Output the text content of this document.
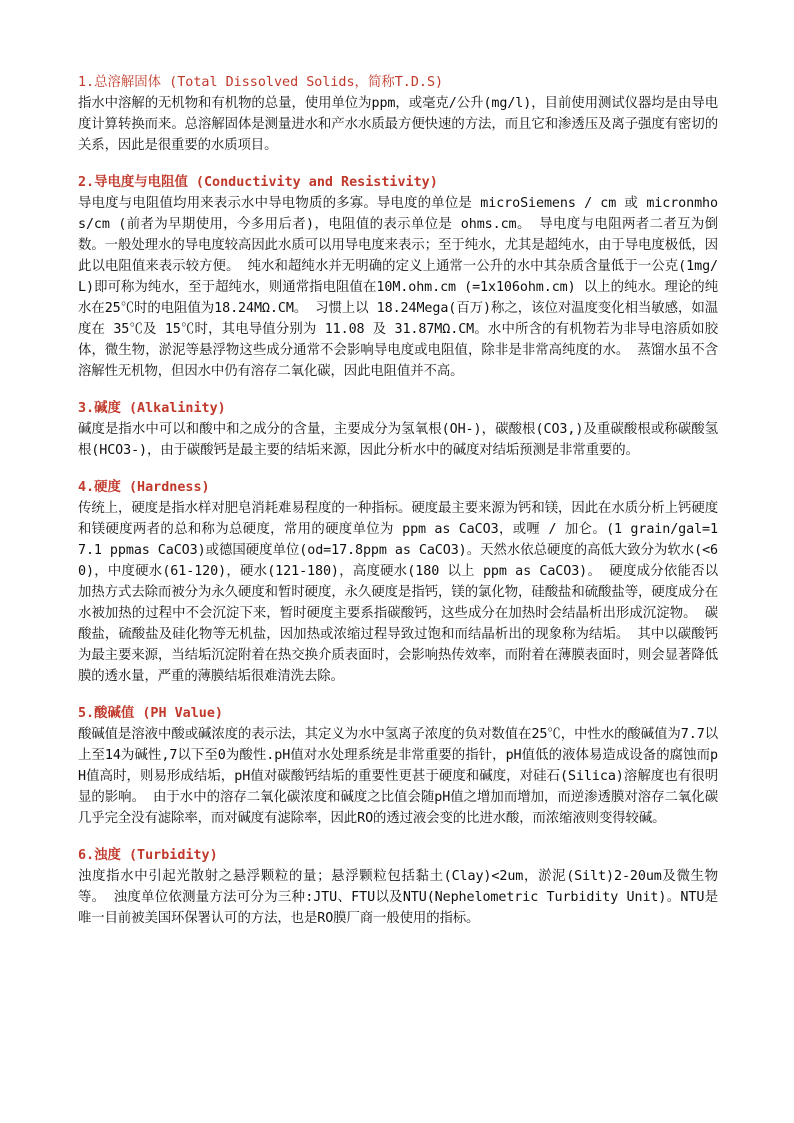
1.总溶解固体 (Total Dissolved Solids，简称T.D.S)
指水中溶解的无机物和有机物的总量，使用单位为ppm，或毫克/公升(mg/l)，目前使用测试仪器均是由导电度计算转换而来。总溶解固体是测量进水和产水水质最方便快速的方法，而且它和渗透压及离子强度有密切的关系，因此是很重要的水质项目。
2.导电度与电阻值 (Conductivity and Resistivity)
导电度与电阻值均用来表示水中导电物质的多寡。导电度的单位是 microSiemens / cm 或 micronmhos/cm (前者为早期使用，今多用后者)，电阻值的表示单位是 ohms.cm。 导电度与电阻两者二者互为倒数。一般处理水的导电度较高因此水质可以用导电度来表示；至于纯水，尤其是超纯水，由于导电度极低，因此以电阻值来表示较方便。 纯水和超纯水并无明确的定义上通常一公升的水中其杂质含量低于一公克(1mg/L)即可称为纯水，至于超纯水，则通常指电阻值在10M.ohm.cm (=1x106ohm.cm) 以上的纯水。理论的纯水在25℃时的电阻值为18.24MΩ.CM。 习惯上以 18.24Mega(百万)称之，该位对温度变化相当敏感，如温度在 35℃及 15℃时，其电导值分别为 11.08 及 31.87MΩ.CM。水中所含的有机物若为非导电溶质如胶体，微生物，淤泥等悬浮物这些成分通常不会影响导电度或电阻值，除非是非常高纯度的水。 蒸馏水虽不含溶解性无机物，但因水中仍有溶存二氧化碳，因此电阻值并不高。
3.碱度 (Alkalinity)
碱度是指水中可以和酸中和之成分的含量，主要成分为氢氧根(OH-)，碳酸根(CO3,)及重碳酸根或称碳酸氢根(HCO3-)，由于碳酸钙是最主要的结垢来源，因此分析水中的碱度对结垢预测是非常重要的。
4.硬度 (Hardness)
传统上，硬度是指水样对肥皂消耗难易程度的一种指标。硬度最主要来源为钙和镁，因此在水质分析上钙硬度和镁硬度两者的总和称为总硬度，常用的硬度单位为 ppm as CaCO3，或喱 / 加仑。(1 grain/gal=17.1 ppmas CaCO3)或德国硬度单位(od=17.8ppm as CaCO3)。天然水依总硬度的高低大致分为软水(<60)，中度硬水(61-120)，硬水(121-180)，高度硬水(180 以上 ppm as CaCO3)。 硬度成分依能否以加热方式去除而被分为永久硬度和暂时硬度，永久硬度是指钙，镁的氯化物，硅酸盐和硫酸盐等，硬度成分在水被加热的过程中不会沉淀下来，暂时硬度主要系指碳酸钙，这些成分在加热时会结晶析出形成沉淀物。 碳酸盐，硫酸盐及硅化物等无机盐，因加热或浓缩过程导致过饱和而结晶析出的现象称为结垢。 其中以碳酸钙为最主要来源，当结垢沉淀附着在热交换介质表面时，会影响热传效率，而附着在薄膜表面时，则会显著降低膜的透水量，严重的薄膜结垢很难清洗去除。
5.酸碱值 (PH Value)
酸碱值是溶液中酸或碱浓度的表示法，其定义为水中氢离子浓度的负对数值在25℃，中性水的酸碱值为7.7以上至14为碱性,7以下至0为酸性.pH值对水处理系统是非常重要的指针，pH值低的液体易造成设备的腐蚀而pH值高时，则易形成结垢，pH值对碳酸钙结垢的重要性更甚于硬度和碱度，对硅石(Silica)溶解度也有很明显的影响。 由于水中的溶存二氧化碳浓度和碱度之比值会随pH值之增加而增加，而逆渗透膜对溶存二氧化碳几乎完全没有滤除率，而对碱度有滤除率，因此RO的透过液会变的比进水酸，而浓缩液则变得较碱。
6.浊度 (Turbidity)
浊度指水中引起光散射之悬浮颗粒的量；悬浮颗粒包括黏土(Clay)<2um，淤泥(Silt)2-20um及微生物等。 浊度单位依测量方法可分为三种:JTU、FTU以及NTU(Nephelometric Turbidity Unit)。NTU是唯一目前被美国环保署认可的方法，也是RO膜厂商一般使用的指标。
